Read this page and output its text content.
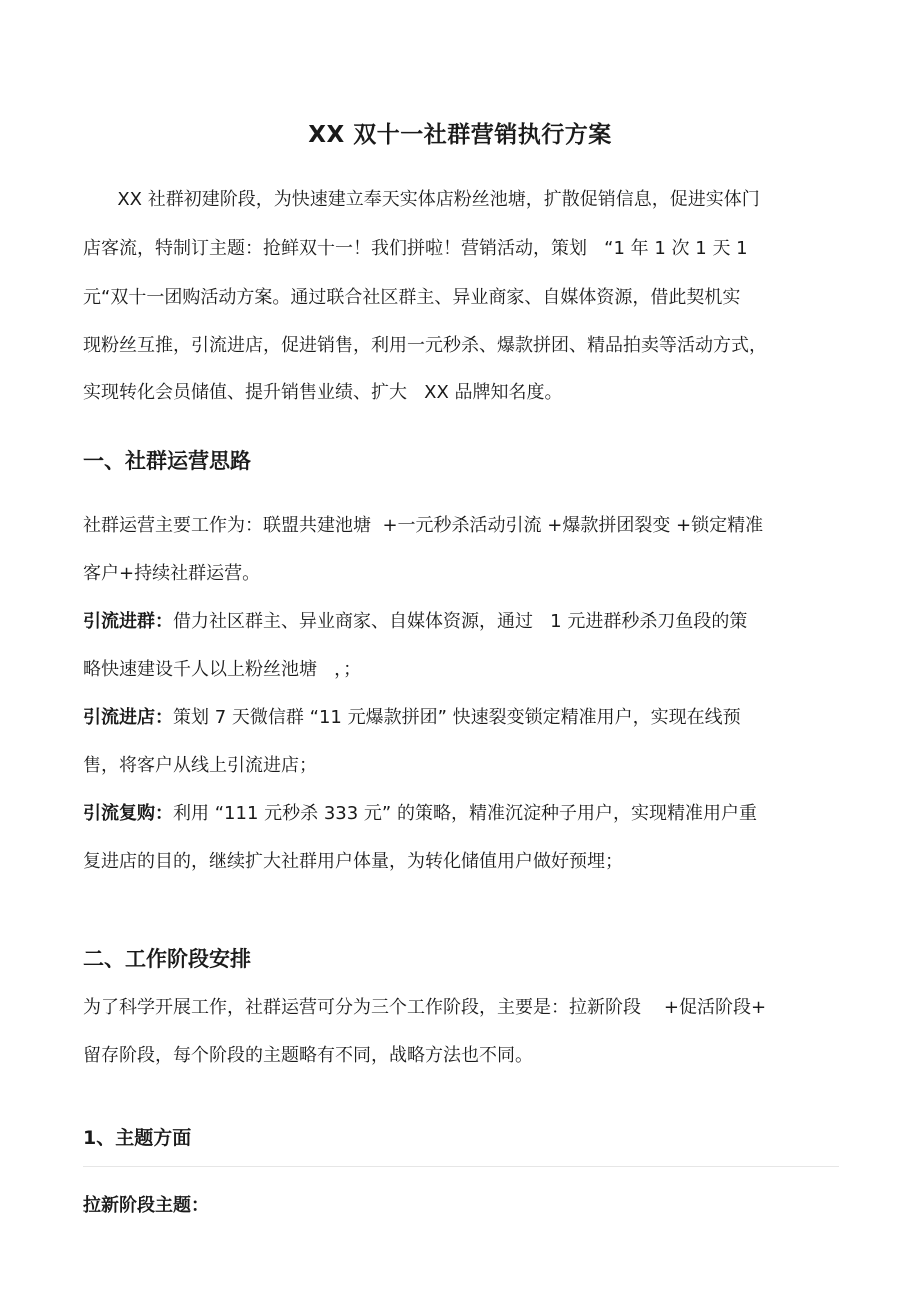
XX 双十一社群营销执行方案
XX 社群初建阶段，为快速建立奉天实体店粉丝池塘，扩散促销信息，促进实体门
店客流，特制订主题：抢鲜双十一！我们拼啦！营销活动，策划   “1 年 1 次 1 天 1
元“双十一团购活动方案。通过联合社区群主、异业商家、自媒体资源，借此契机实
现粉丝互推，引流进店，促进销售，利用一元秒杀、爆款拼团、精品拍卖等活动方式，
实现转化会员储值、提升销售业绩、扩大   XX 品牌知名度。
一、社群运营思路
社群运营主要工作为：联盟共建池塘  +一元秒杀活动引流 +爆款拼团裂变 +锁定精准
客户+持续社群运营。
引流进群：借力社区群主、异业商家、自媒体资源，通过   1 元进群秒杀刀鱼段的策
略快速建设千人以上粉丝池塘   ，；
引流进店：策划 7 天微信群 “11 元爆款拼团” 快速裂变锁定精准用户，实现在线预
售，将客户从线上引流进店；
引流复购：利用 “111 元秒杀 333 元” 的策略，精准沉淀种子用户，实现精准用户重
复进店的目的，继续扩大社群用户体量，为转化储值用户做好预埋；
二、工作阶段安排
为了科学开展工作，社群运营可分为三个工作阶段，主要是：拉新阶段    +促活阶段+
留存阶段，每个阶段的主题略有不同，战略方法也不同。
1、主题方面
拉新阶段主题：
